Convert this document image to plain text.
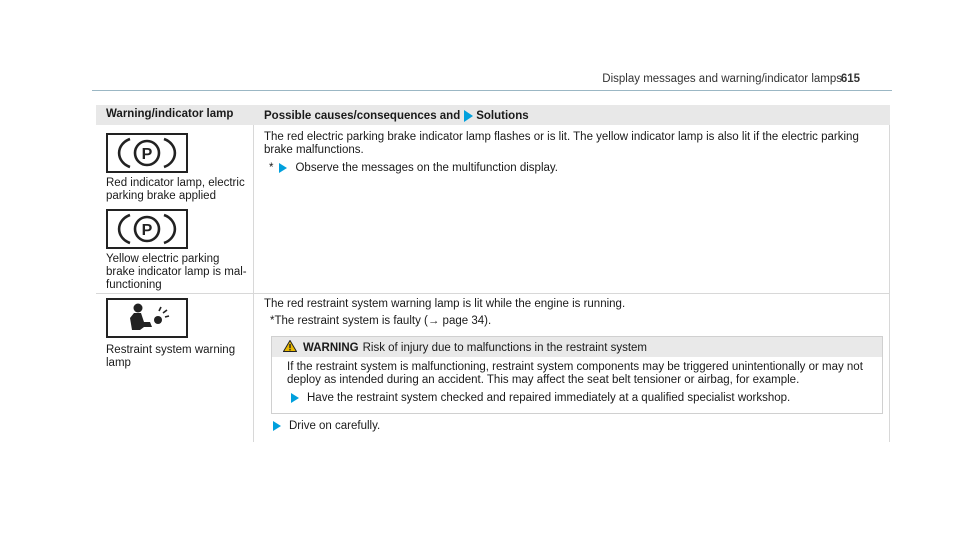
Display messages and warning/indicator lamps
615
Warning/indicator lamp	Possible causes/consequences and Solutions
P
Red indicator lamp, electric parking brake applied
P
Yellow electric parking brake indicator lamp is mal-functioning
The red electric parking brake indicator lamp flashes or is lit. The yellow indicator lamp is also lit if the electric parking brake malfunctions.
* Observe the messages on the multifunction display.
Restraint system warning lamp
The red restraint system warning lamp is lit while the engine is running.
*The restraint system is faulty (→ page 34).
WARNING Risk of injury due to malfunctions in the restraint system
If the restraint system is malfunctioning, restraint system components may be triggered unintentionally or may not deploy as intended during an accident. This may affect the seat belt tensioner or airbag, for example.
Have the restraint system checked and repaired immediately at a qualified specialist workshop.
Drive on carefully.
